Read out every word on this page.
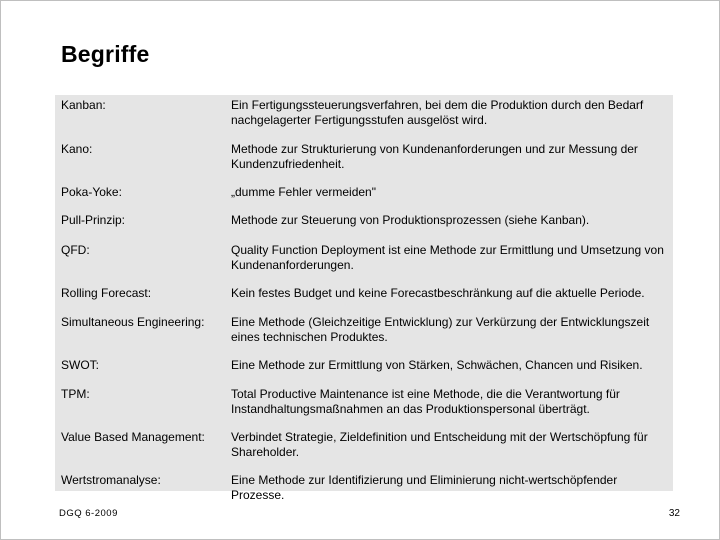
Begriffe
Kanban:	Ein Fertigungssteuerungsverfahren, bei dem die Produktion durch den Bedarf nachgelagerter Fertigungsstufen ausgelöst wird.
Kano:	Methode zur Strukturierung von Kundenanforderungen und zur Messung der Kundenzufriedenheit.
Poka-Yoke:	„dumme Fehler vermeiden"
Pull-Prinzip:	Methode zur Steuerung von Produktionsprozessen (siehe Kanban).
QFD:	Quality Function Deployment ist eine Methode zur Ermittlung und Umsetzung von Kundenanforderungen.
Rolling Forecast:	Kein festes Budget und keine Forecastbeschränkung auf die aktuelle Periode.
Simultaneous Engineering: Eine Methode (Gleichzeitige Entwicklung) zur Verkürzung der Entwicklungszeit eines technischen Produktes.
SWOT:	Eine Methode zur Ermittlung von Stärken, Schwächen, Chancen und Risiken.
TPM:	Total Productive Maintenance ist eine Methode, die die Verantwortung für Instandhaltungsmaßnahmen an das Produktionspersonal überträgt.
Value Based Management: Verbindet Strategie, Zieldefinition und Entscheidung mit der Wertschöpfung für Shareholder.
Wertstromanalyse:	Eine Methode zur Identifizierung und Eliminierung nicht-wertschöpfender Prozesse.
DGQ 6-2009	32
